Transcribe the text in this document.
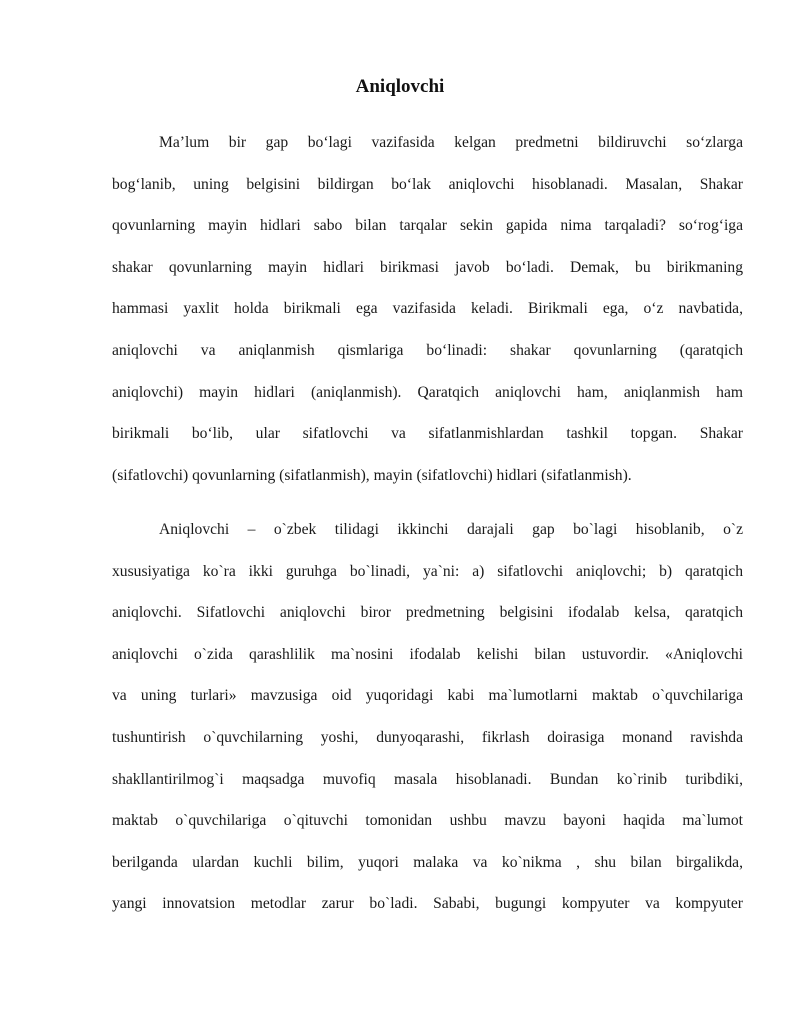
Aniqlovchi
Ma’lum bir gap bo‘lagi vazifasida kelgan predmetni bildiruvchi so‘zlarga
bog‘lanib, uning belgisini bildirgan bo‘lak aniqlovchi hisoblanadi. Masalan, Shakar
qovunlarning mayin hidlari sabo bilan tarqalar sekin gapida nima tarqaladi? so‘rog‘iga
shakar qovunlarning mayin hidlari birikmasi javob bo‘ladi. Demak, bu birikmaning
hammasi yaxlit holda birikmali ega vazifasida keladi. Birikmali ega, o‘z navbatida,
aniqlovchi va aniqlanmish qismlariga bo‘linadi: shakar qovunlarning (qaratqich
aniqlovchi) mayin hidlari (aniqlanmish). Qaratqich aniqlovchi ham, aniqlanmish ham
birikmali bo‘lib, ular sifatlovchi va sifatlanmishlardan tashkil topgan. Shakar
(sifatlovchi) qovunlarning (sifatlanmish), mayin (sifatlovchi) hidlari (sifatlanmish).
Aniqlovchi – o`zbek tilidagi ikkinchi darajali gap bo`lagi hisoblanib, o`z
xususiyatiga ko`ra ikki guruhga bo`linadi, ya`ni: a) sifatlovchi aniqlovchi; b) qaratqich
aniqlovchi. Sifatlovchi aniqlovchi biror predmetning belgisini ifodalab kelsa, qaratqich
aniqlovchi o`zida qarashlilik ma`nosini ifodalab kelishi bilan ustuvordir. «Aniqlovchi
va uning turlari» mavzusiga oid yuqoridagi kabi ma`lumotlarni maktab o`quvchilariga
tushuntirish o`quvchilarning yoshi, dunyoqarashi, fikrlash doirasiga monand ravishda
shakllantirilmog`i maqsadga muvofiq masala hisoblanadi. Bundan ko`rinib turibdiki,
maktab o`quvchilariga o`qituvchi tomonidan ushbu mavzu bayoni haqida ma`lumot
berilganda ulardan kuchli bilim, yuqori malaka va ko`nikma , shu bilan birgalikda,
yangi innovatsion metodlar zarur bo`ladi. Sababi, bugungi kompyuter va kompyuter
